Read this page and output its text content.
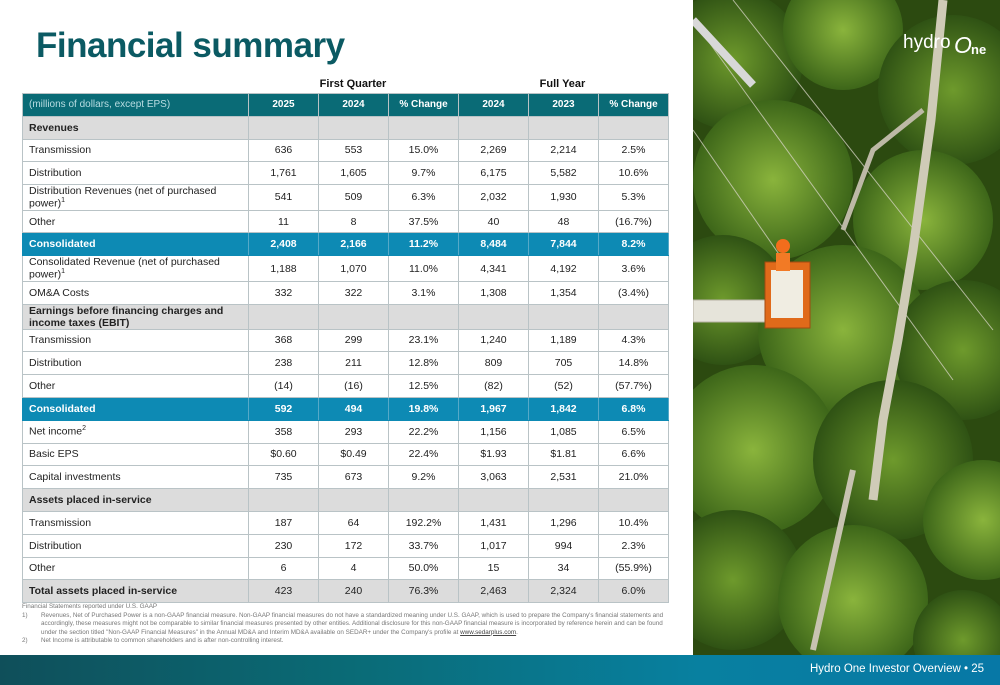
Financial summary
First Quarter	Full Year
(millions of dollars, except EPS)	2025	2024	% Change	2024	2023	% Change
Revenues						
Transmission	636	553	15.0%	2,269	2,214	2.5%
Distribution	1,761	1,605	9.7%	6,175	5,582	10.6%
Distribution Revenues (net of purchased power)$^1$	541	509	6.3%	2,032	1,930	5.3%
Other	11	8	37.5%	40	48	(16.7%)
Consolidated	2,408	2,166	11.2%	8,484	7,844	8.2%
Consolidated Revenue (net of purchased power)$^1$	1,188	1,070	11.0%	4,341	4,192	3.6%
OM&A Costs	332	322	3.1%	1,308	1,354	(3.4%)
Earnings before financing charges and income taxes (EBIT)						
Transmission	368	299	23.1%	1,240	1,189	4.3%
Distribution	238	211	12.8%	809	705	14.8%
Other	(14)	(16)	12.5%	(82)	(52)	(57.7%)
Consolidated	592	494	19.8%	1,967	1,842	6.8%
Net income$^2$	358	293	22.2%	1,156	1,085	6.5%
Basic EPS	$0.60	$0.49	22.4%	$1.93	$1.81	6.6%
Capital investments	735	673	9.2%	3,063	2,531	21.0%
Assets placed in-service						
Transmission	187	64	192.2%	1,431	1,296	10.4%
Distribution	230	172	33.7%	1,017	994	2.3%
Other	6	4	50.0%	15	34	(55.9%)
Total assets placed in-service	423	240	76.3%	2,463	2,324	6.0%
Financial Statements reported under U.S. GAAP
1)	Revenues, Net of Purchased Power is a non-GAAP financial measure. Non-GAAP financial measures do not have a standardized meaning under U.S. GAAP, which is used to prepare the Company's financial statements and accordingly, these measures might not be comparable to similar financial measures presented by other entities. Additional disclosure for this non-GAAP financial measure is incorporated by reference herein and can be found under the section titled "Non-GAAP Financial Measures" in the Annual MD&A and Interim MD&A available on SEDAR+ under the Company's profile at www.sedarplus.com.
2)	Net Income is attributable to common shareholders and is after non-controlling interest.
hydro O ne
Hydro One Investor Overview • 25
